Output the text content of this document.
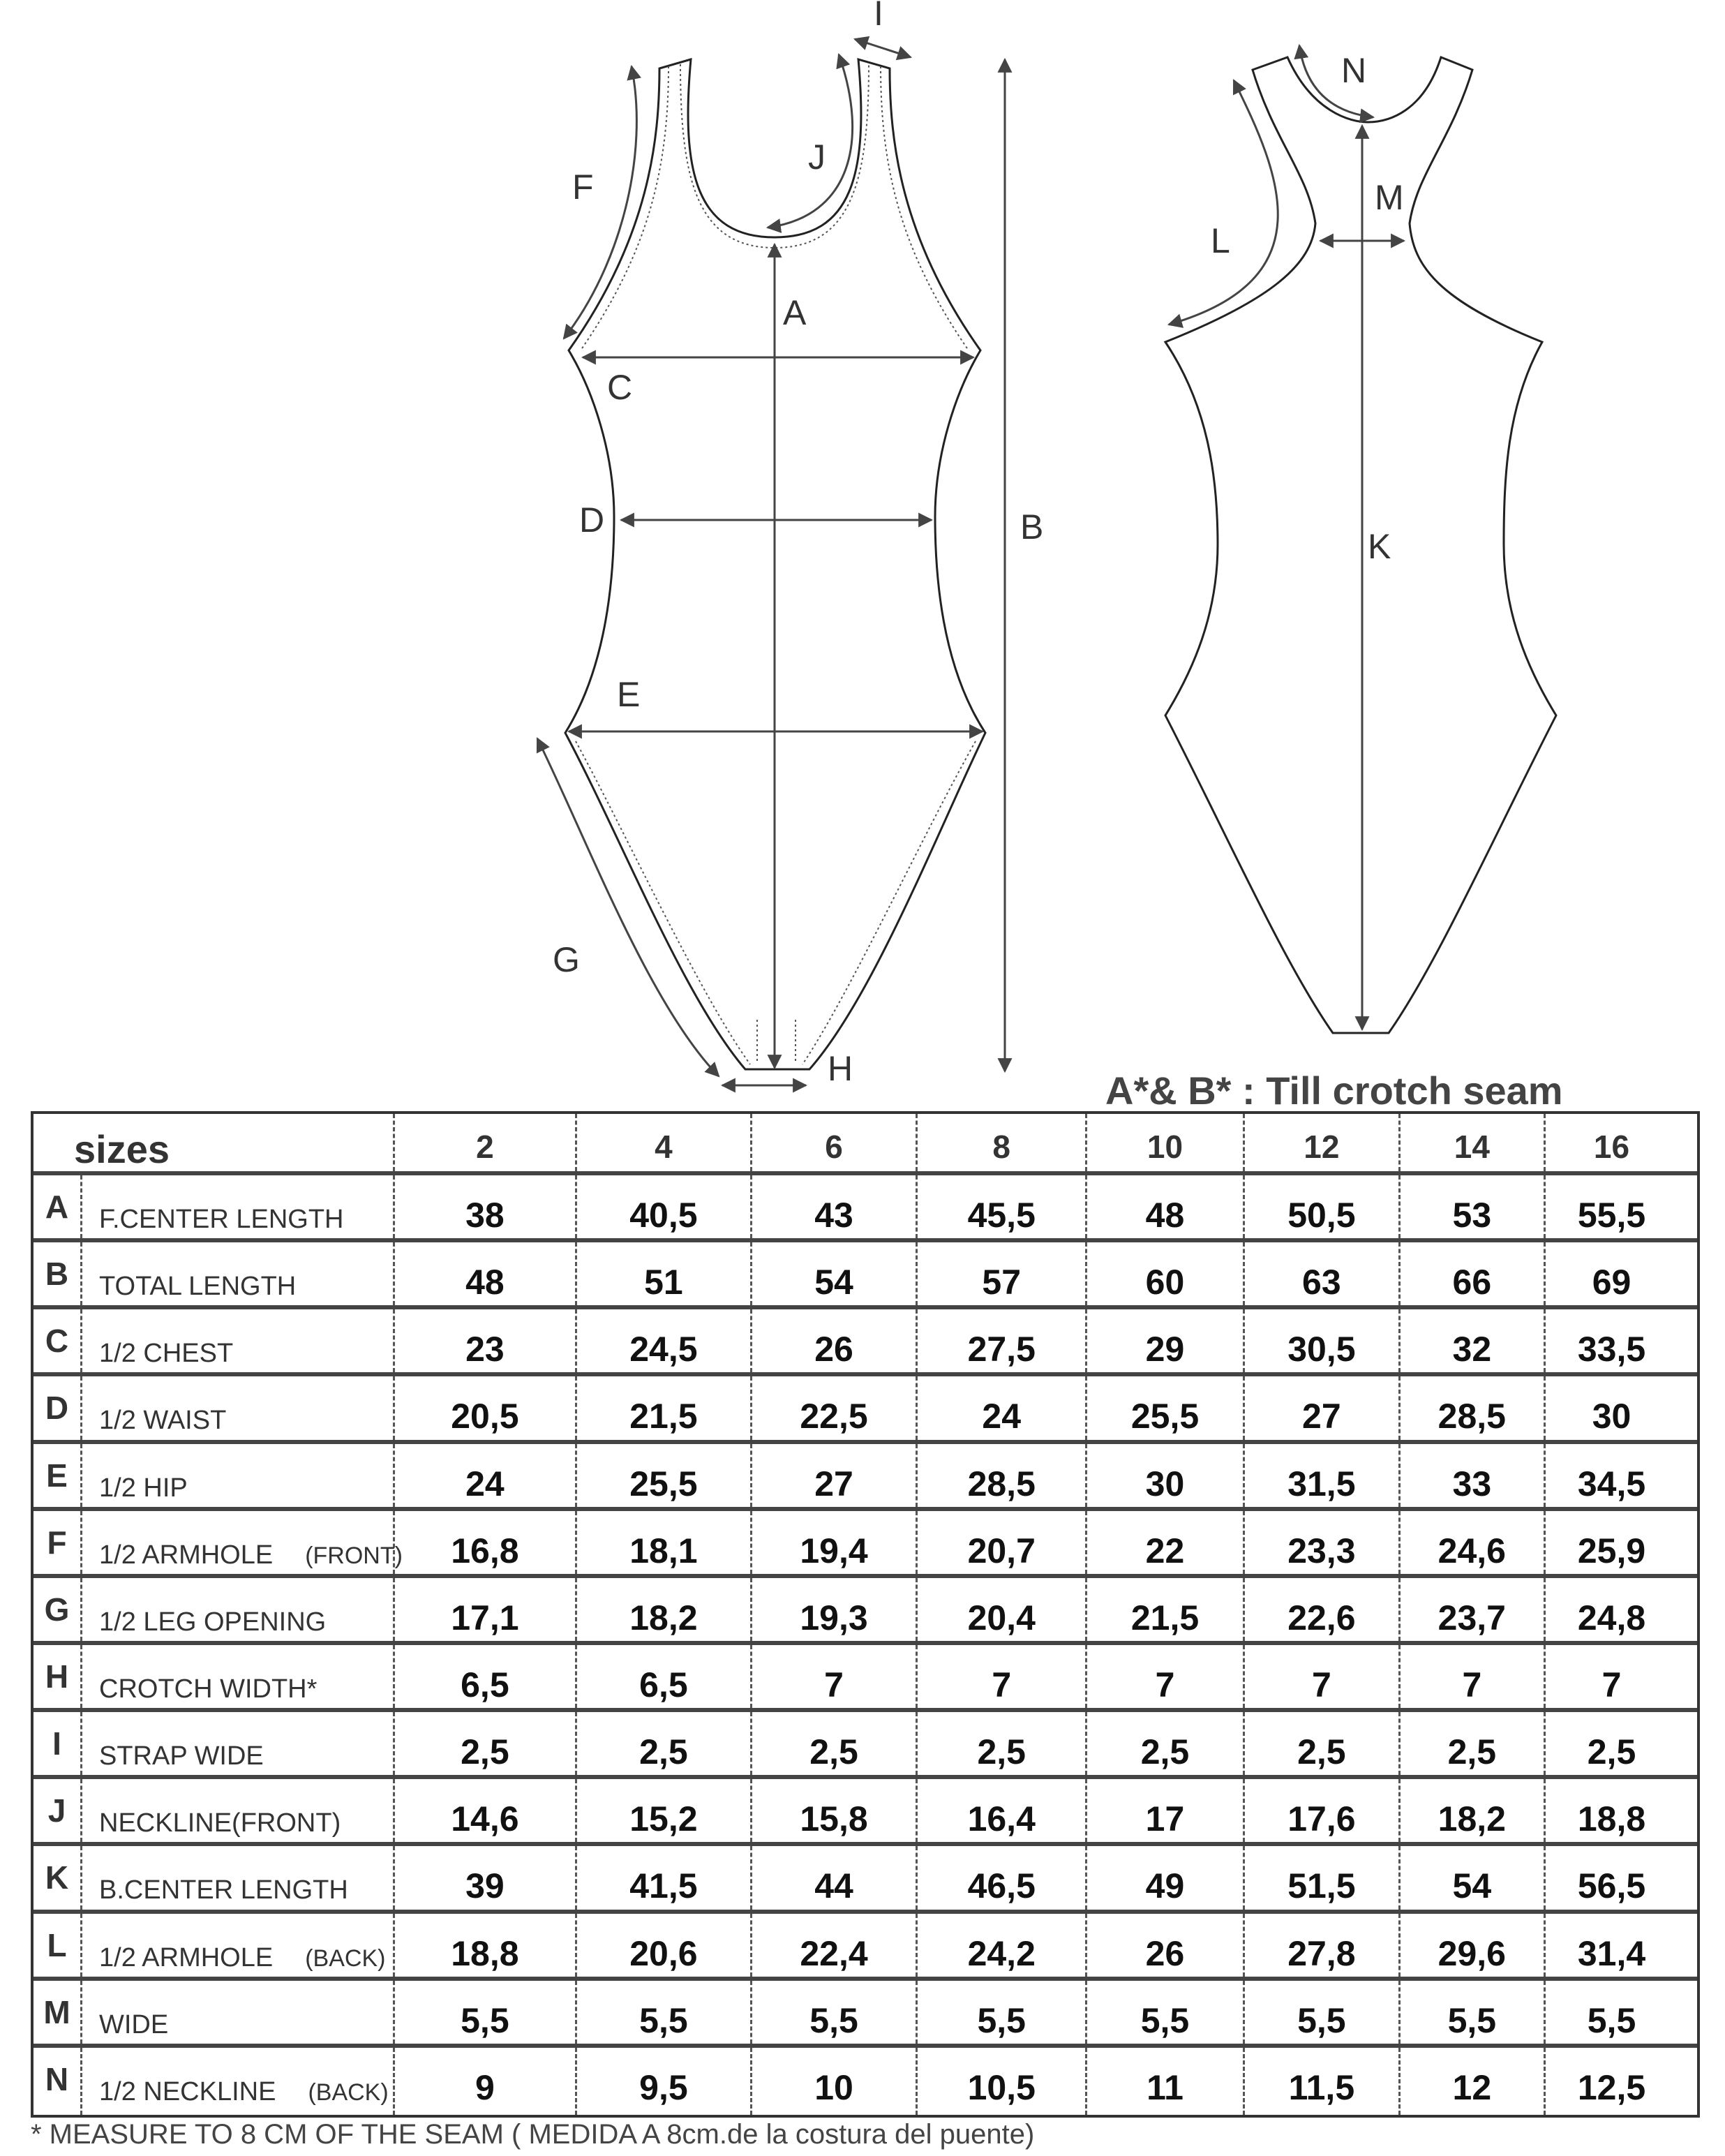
A
B
C
D
E
F
G
H
I
J
K
L
M
N
A*& B* : Till crotch seam
sizes	2	4	6	8	10	12	14	16
A	F.CENTER LENGTH	38	40,5	43	45,5	48	50,5	53	55,5
B	TOTAL LENGTH	48	51	54	57	60	63	66	69
C	1/2 CHEST	23	24,5	26	27,5	29	30,5	32	33,5
D	1/2 WAIST	20,5	21,5	22,5	24	25,5	27	28,5	30
E	1/2 HIP	24	25,5	27	28,5	30	31,5	33	34,5
F	1/2 ARMHOLE (FRONT)	16,8	18,1	19,4	20,7	22	23,3	24,6	25,9
G	1/2 LEG OPENING	17,1	18,2	19,3	20,4	21,5	22,6	23,7	24,8
H	CROTCH WIDTH*	6,5	6,5	7	7	7	7	7	7
I	STRAP WIDE	2,5	2,5	2,5	2,5	2,5	2,5	2,5	2,5
J	NECKLINE(FRONT)	14,6	15,2	15,8	16,4	17	17,6	18,2	18,8
K	B.CENTER LENGTH	39	41,5	44	46,5	49	51,5	54	56,5
L	1/2 ARMHOLE (BACK)	18,8	20,6	22,4	24,2	26	27,8	29,6	31,4
M	WIDE	5,5	5,5	5,5	5,5	5,5	5,5	5,5	5,5
N	1/2 NECKLINE (BACK)	9	9,5	10	10,5	11	11,5	12	12,5
* MEASURE TO 8 CM OF THE SEAM ( MEDIDA A 8cm.de la costura del puente)
